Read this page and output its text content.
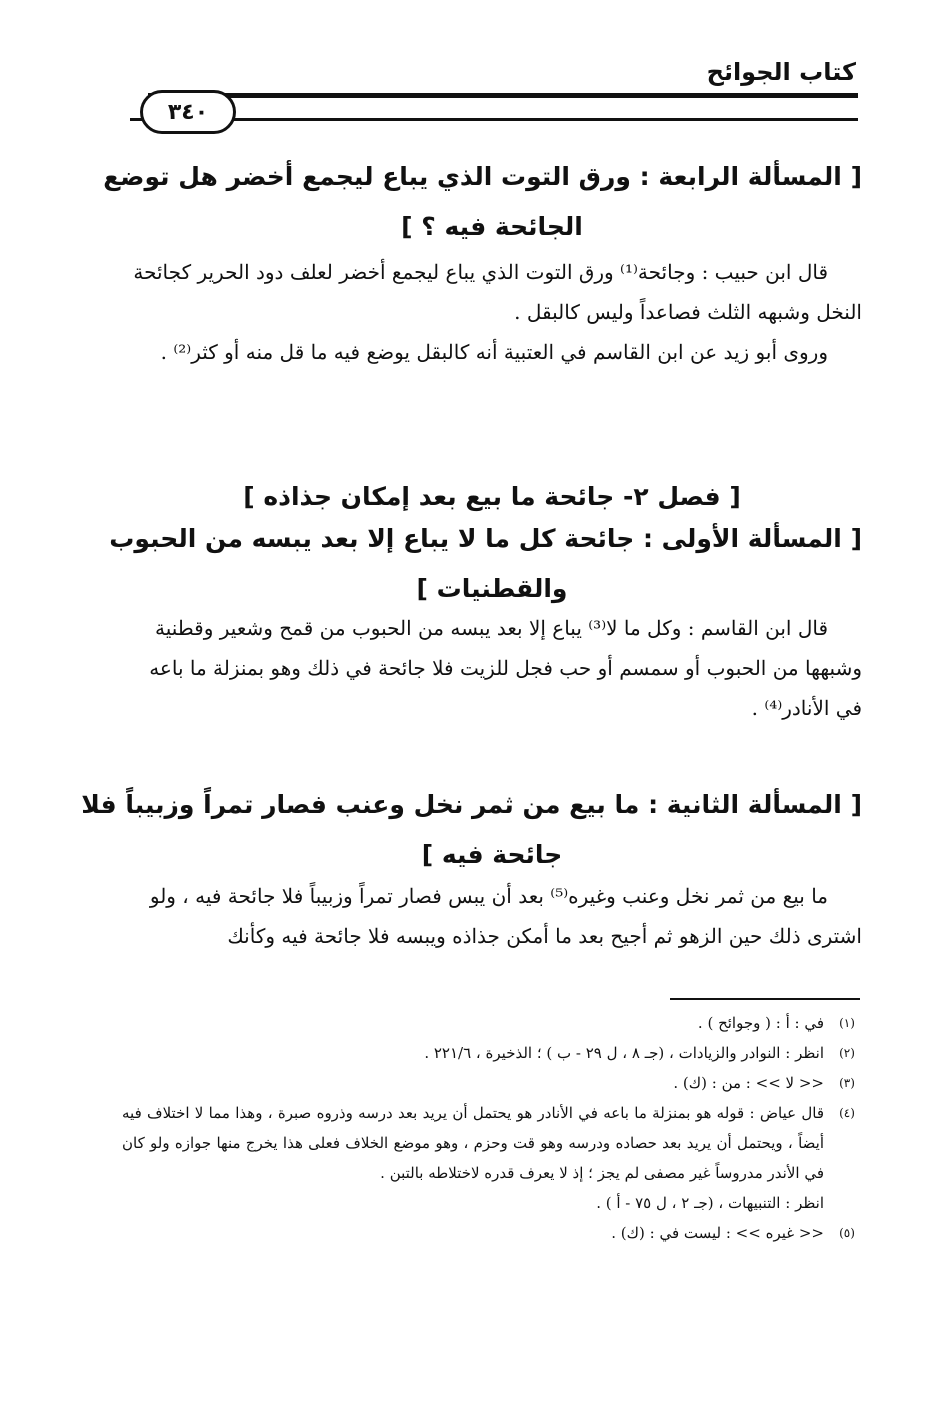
كتاب الجوائح
٣٤٠
[ المسألة الرابعة : ورق التوت الذي يباع ليجمع أخضر هل توضع
الجائحة فيه ؟ ]

قال ابن حبيب : وجائحة⁽¹⁾ ورق التوت الذي يباع ليجمع أخضر لعلف دود الحرير كجائحة النخل وشبهه الثلث فصاعداً وليس كالبقل .

وروى أبو زيد عن ابن القاسم في العتبية أنه كالبقل يوضع فيه ما قل منه أو كثر⁽²⁾ .

[ فصل ٢- جائحة ما بيع بعد إمكان جذاذه ]
[ المسألة الأولى : جائحة كل ما لا يباع إلا بعد يبسه من الحبوب
والقطنيات ]

قال ابن القاسم : وكل ما لا⁽³⁾ يباع إلا بعد يبسه من الحبوب من قمح وشعير وقطنية وشبهها من الحبوب أو سمسم أو حب فجل للزيت فلا جائحة في ذلك وهو بمنزلة ما باعه في الأنادر⁽⁴⁾ .

[ المسألة الثانية : ما بيع من ثمر نخل وعنب فصار تمراً وزبيباً فلا
جائحة فيه ]

ما بيع من ثمر نخل وعنب وغيره⁽⁵⁾ بعد أن يبس فصار تمراً وزبيباً فلا جائحة فيه ، ولو اشترى ذلك حين الزهو ثم أجيح بعد ما أمكن جذاذه ويبسه فلا جائحة فيه وكأنك

(١)
في : أ : ( وجوائح ) .
(٢)
انظر : النوادر والزيادات ، (جـ ٨ ، ل ٢٩ - ب ) ؛ الذخيرة ، ٢٢١/٦ .
(٣)
<< لا >> : من : (ك) .
(٤)
قال عياض : قوله هو بمنزلة ما باعه في الأنادر هو يحتمل أن يريد بعد درسه وذروه صبرة ، وهذا مما لا اختلاف فيه أيضاً ، ويحتمل أن يريد بعد حصاده ودرسه وهو قت وحزم ، وهو موضع الخلاف فعلى هذا يخرج منها جوازه ولو كان في الأندر مدروساً غير مصفى لم يجز ؛ إذ لا يعرف قدره لاختلاطه بالتبن .
انظر : التنبيهات ، (جـ ٢ ، ل ٧٥ - أ ) .
(٥)
<< غيره >> : ليست في : (ك) .
